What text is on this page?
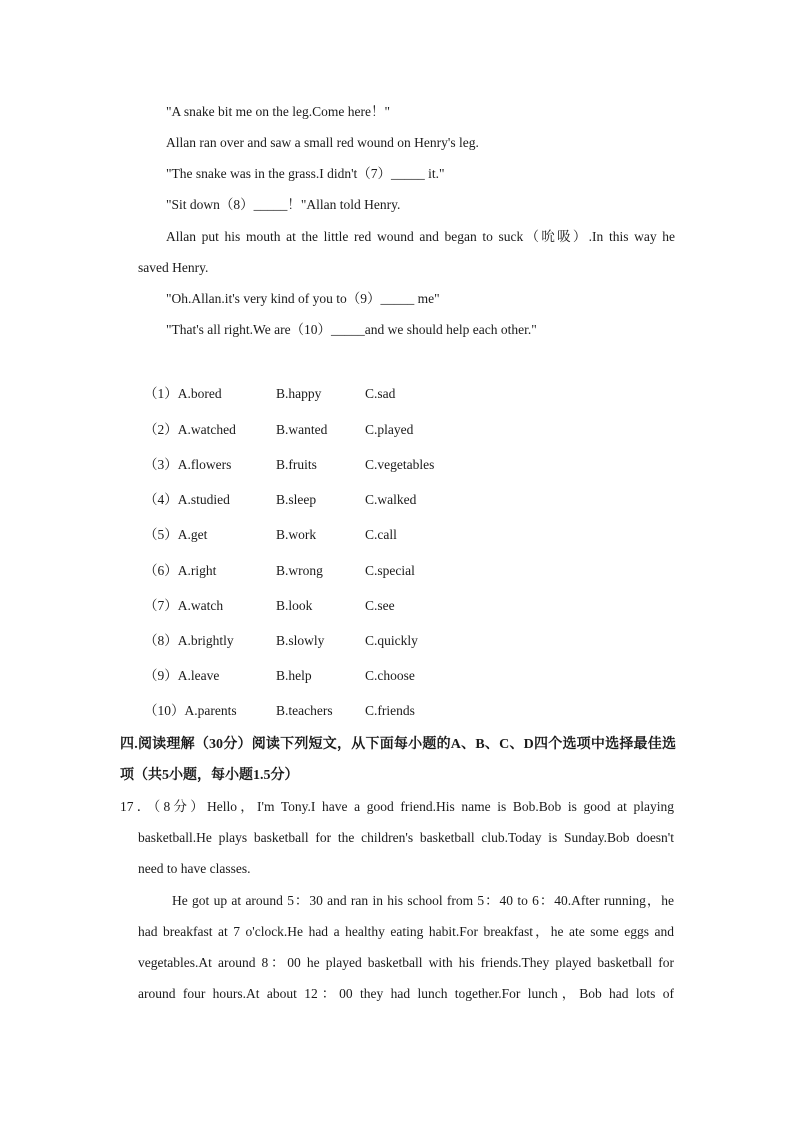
"A snake bit me on the leg.Come here！"
Allan ran over and saw a small red wound on Henry's leg.
"The snake was in the grass.I didn't（7）_____ it."
"Sit down（8）_____！"Allan told Henry.
Allan put his mouth at the little red wound and began to suck（吮吸）.In this way he
saved Henry.
"Oh.Allan.it's very kind of you to（9）_____ me"
"That's all right.We are（10）_____and we should help each other."
（1）A.bored	B.happy	C.sad
（2）A.watched	B.wanted	C.played
（3）A.flowers	B.fruits	C.vegetables
（4）A.studied	B.sleep	C.walked
（5）A.get	B.work	C.call
（6）A.right	B.wrong	C.special
（7）A.watch	B.look	C.see
（8）A.brightly	B.slowly	C.quickly
（9）A.leave	B.help	C.choose
（10）A.parents	B.teachers C.friends
四.阅读理解（30分）阅读下列短文，从下面每小题的A、B、C、D四个选项中选择最佳选
项（共5小题，每小题1.5分）
17．（8分）Hello，I'm Tony.I have a good friend.His name is Bob.Bob is good at playing
basketball.He plays basketball for the children's basketball club.Today is Sunday.Bob doesn't
need to have classes.
He got up at around 5：30 and ran in his school from 5：40 to 6：40.After running，he
had breakfast at 7 o'clock.He had a healthy eating habit.For breakfast，he ate some eggs and
vegetables.At around 8：00 he played basketball with his friends.They played basketball for
around four hours.At about 12：00 they had lunch together.For lunch，Bob had lots of
